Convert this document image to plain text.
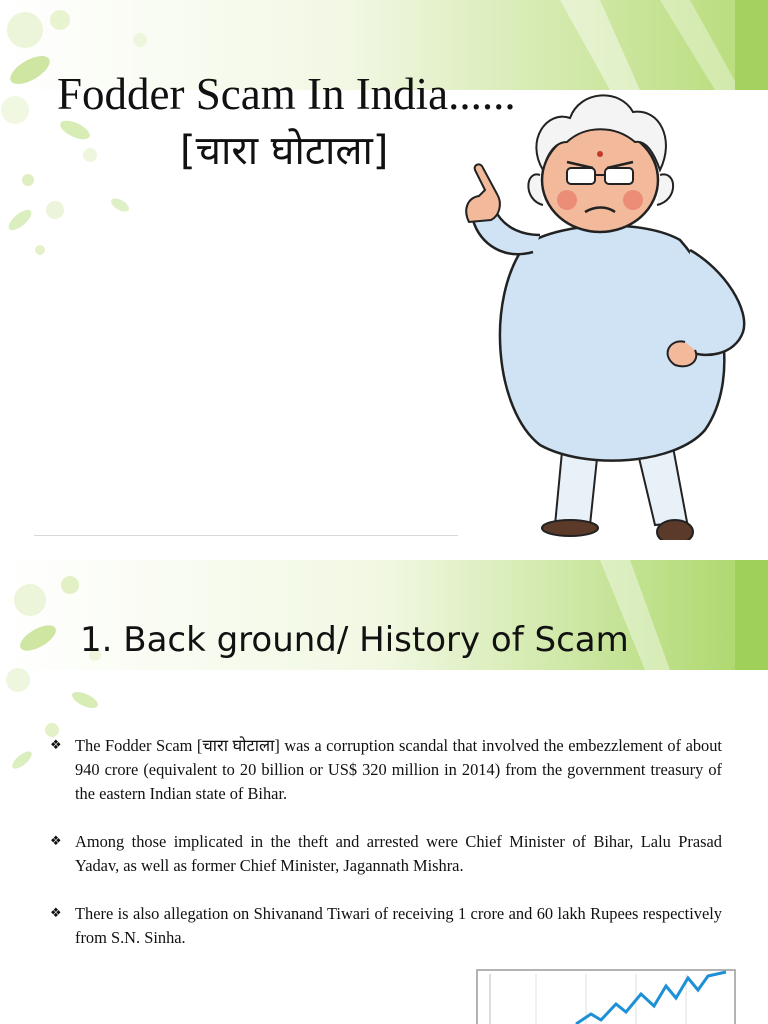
Fodder Scam In India......
[चारा घोटाला]
1. Back ground/ History of Scam
❖ The Fodder Scam [चारा घोटाला] was a corruption scandal that involved the embezzlement of about 940 crore (equivalent to 20 billion or US$ 320 million in 2014) from the government treasury of the eastern Indian state of Bihar.
❖ Among those implicated in the theft and arrested were Chief Minister of Bihar, Lalu Prasad Yadav, as well as former Chief Minister, Jagannath Mishra.
❖ There is also allegation on Shivanand Tiwari of receiving 1 crore and 60 lakh Rupees respectively from S.N. Sinha.
